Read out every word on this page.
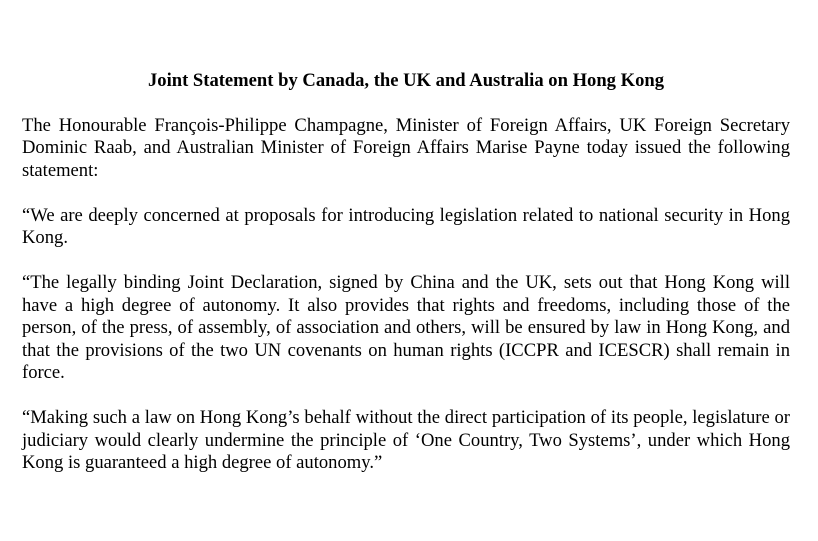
Joint Statement by Canada, the UK and Australia on Hong Kong

The Honourable François-Philippe Champagne, Minister of Foreign Affairs, UK Foreign Secretary Dominic Raab, and Australian Minister of Foreign Affairs Marise Payne today issued the following statement:

“We are deeply concerned at proposals for introducing legislation related to national security in Hong Kong.

“The legally binding Joint Declaration, signed by China and the UK, sets out that Hong Kong will have a high degree of autonomy. It also provides that rights and freedoms, including those of the person, of the press, of assembly, of association and others, will be ensured by law in Hong Kong, and that the provisions of the two UN covenants on human rights (ICCPR and ICESCR) shall remain in force.

“Making such a law on Hong Kong’s behalf without the direct participation of its people, legislature or judiciary would clearly undermine the principle of ‘One Country, Two Systems’, under which Hong Kong is guaranteed a high degree of autonomy.”
